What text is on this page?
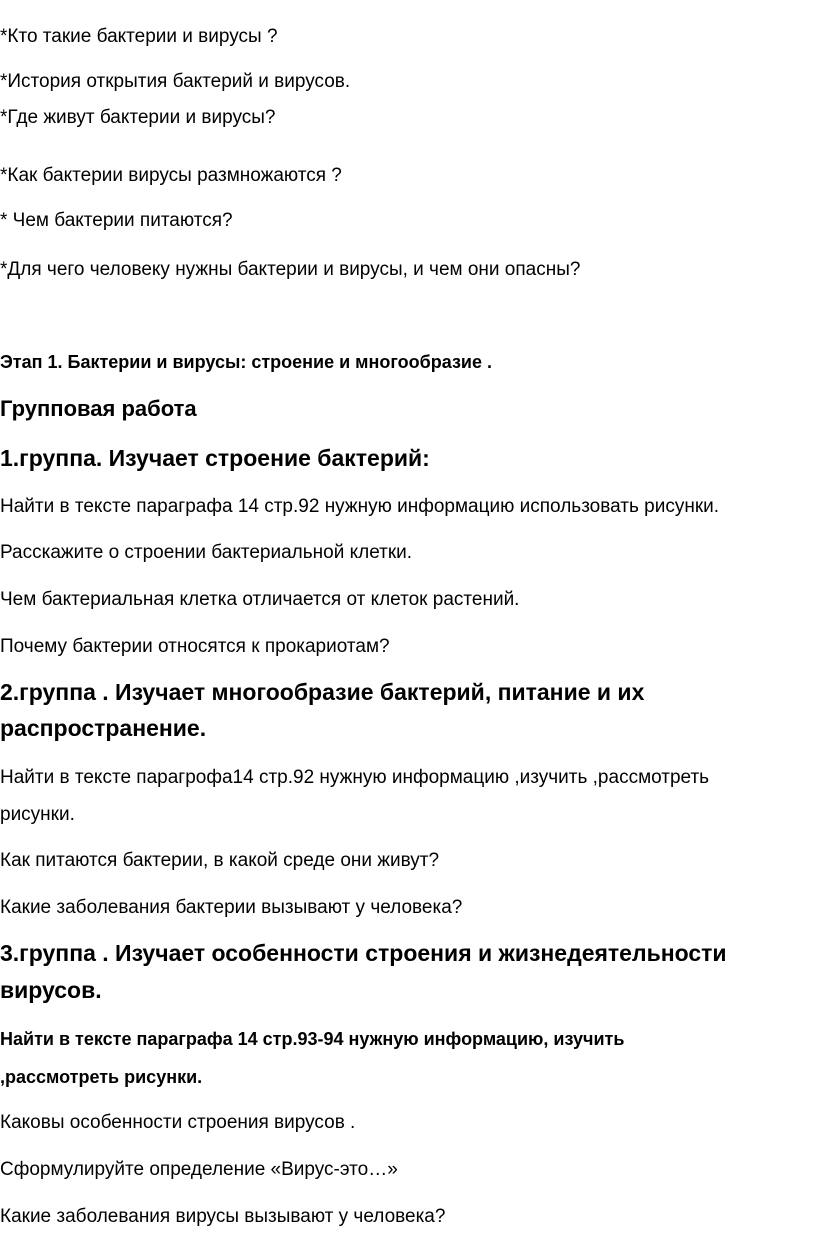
*Кто такие бактерии и вирусы ?
*История открытия бактерий и вирусов.
*Где живут бактерии и вирусы?
*Как бактерии вирусы размножаются ?
* Чем бактерии питаются?
*Для чего человеку нужны бактерии и вирусы, и чем они опасны?
Этап 1. Бактерии и вирусы: строение и многообразие .
Групповая работа
1.группа. Изучает строение бактерий:
Найти в тексте параграфа 14 стр.92 нужную информацию использовать рисунки.
Расскажите о строении бактериальной клетки.
Чем бактериальная клетка отличается от клеток растений.
Почему бактерии относятся к прокариотам?
2.группа . Изучает многообразие бактерий, питание и их
распространение.
Найти в тексте парагрофа14 стр.92 нужную информацию ,изучить ,рассмотреть
рисунки.
Как питаются бактерии, в какой среде они живут?
Какие заболевания бактерии вызывают у человека?
3.группа . Изучает особенности строения и жизнедеятельности
вирусов.
Найти в тексте параграфа 14 стр.93-94 нужную информацию, изучить
,рассмотреть рисунки.
Каковы особенности строения вирусов .
Сформулируйте определение «Вирус-это…»
Какие заболевания вирусы вызывают у человека?
